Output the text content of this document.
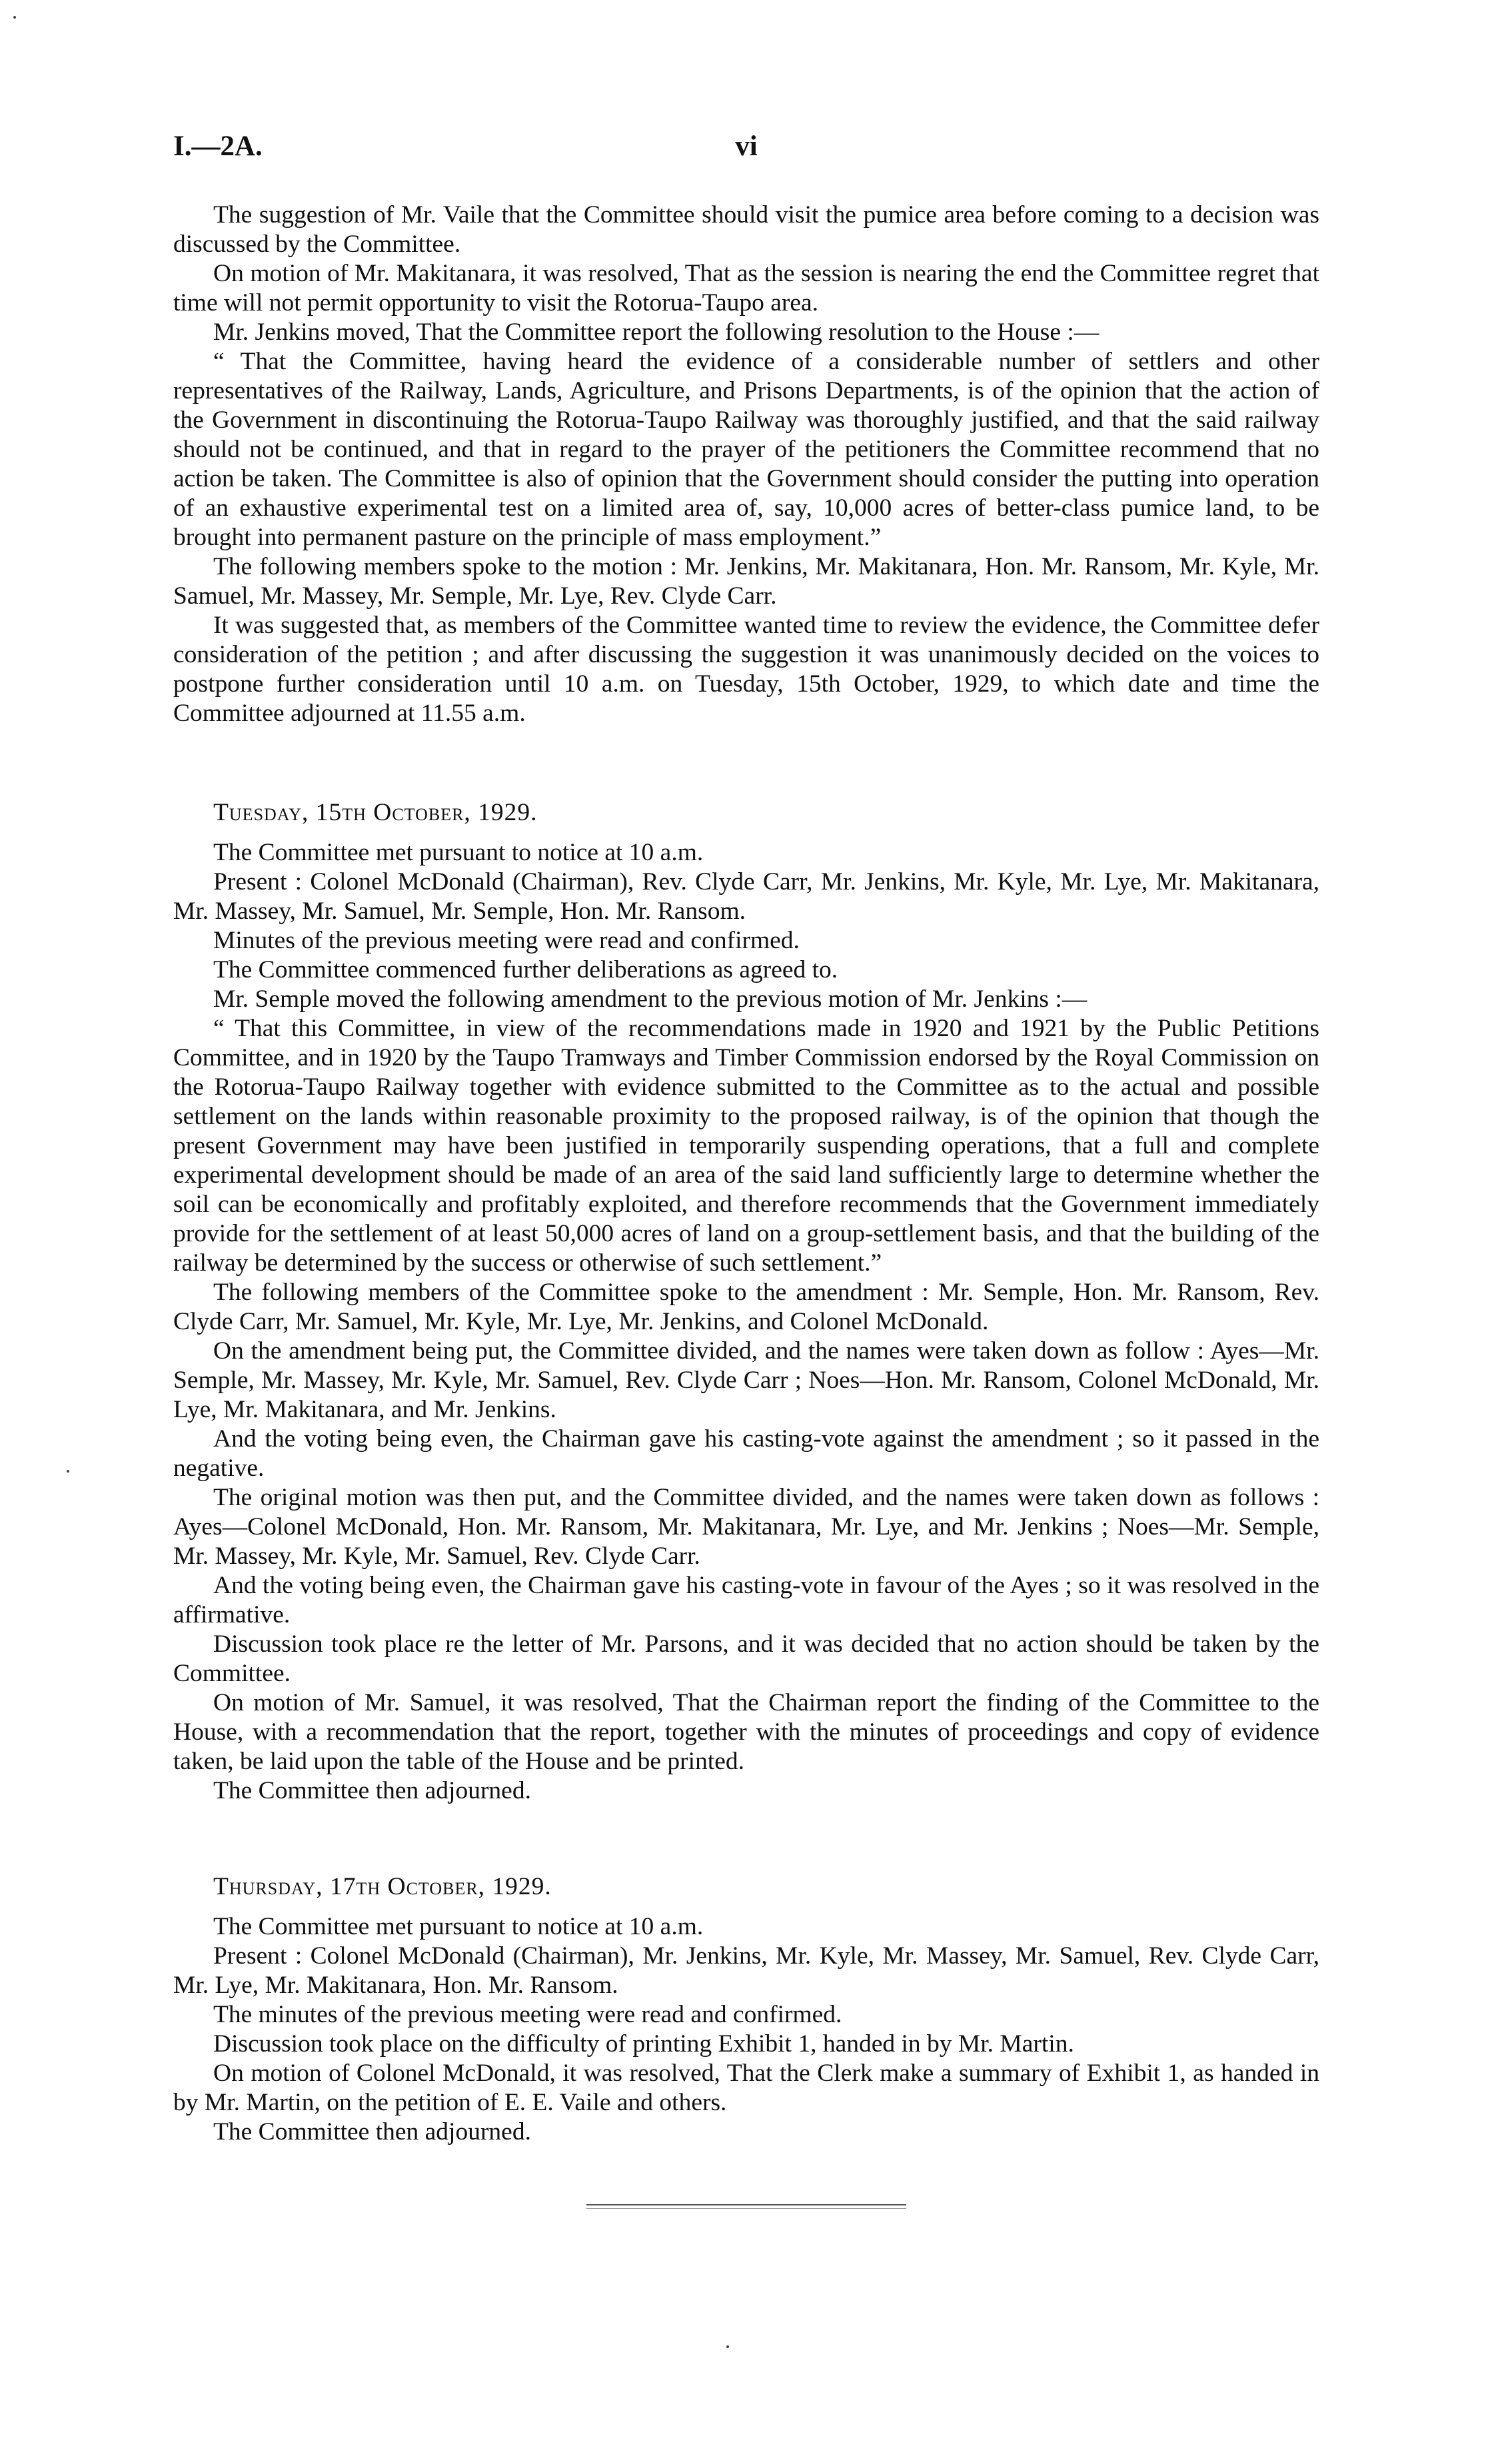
I.—2A.	vi

The suggestion of Mr. Vaile that the Committee should visit the pumice area before coming to a decision was discussed by the Committee.

On motion of Mr. Makitanara, it was resolved, That as the session is nearing the end the Committee regret that time will not permit opportunity to visit the Rotorua-Taupo area.

Mr. Jenkins moved, That the Committee report the following resolution to the House :—

“ That the Committee, having heard the evidence of a considerable number of settlers and other representatives of the Railway, Lands, Agriculture, and Prisons Departments, is of the opinion that the action of the Government in discontinuing the Rotorua-Taupo Railway was thoroughly justified, and that the said railway should not be continued, and that in regard to the prayer of the petitioners the Committee recommend that no action be taken. The Committee is also of opinion that the Government should consider the putting into operation of an exhaustive experimental test on a limited area of, say, 10,000 acres of better-class pumice land, to be brought into permanent pasture on the principle of mass employment.”

The following members spoke to the motion : Mr. Jenkins, Mr. Makitanara, Hon. Mr. Ransom, Mr. Kyle, Mr. Samuel, Mr. Massey, Mr. Semple, Mr. Lye, Rev. Clyde Carr.

It was suggested that, as members of the Committee wanted time to review the evidence, the Committee defer consideration of the petition ; and after discussing the suggestion it was unanimously decided on the voices to postpone further consideration until 10 a.m. on Tuesday, 15th October, 1929, to which date and time the Committee adjourned at 11.55 a.m.

Tuesday, 15th October, 1929.

The Committee met pursuant to notice at 10 a.m.

Present : Colonel McDonald (Chairman), Rev. Clyde Carr, Mr. Jenkins, Mr. Kyle, Mr. Lye, Mr. Makitanara, Mr. Massey, Mr. Samuel, Mr. Semple, Hon. Mr. Ransom.

Minutes of the previous meeting were read and confirmed.

The Committee commenced further deliberations as agreed to.

Mr. Semple moved the following amendment to the previous motion of Mr. Jenkins :—

“ That this Committee, in view of the recommendations made in 1920 and 1921 by the Public Petitions Committee, and in 1920 by the Taupo Tramways and Timber Commission endorsed by the Royal Commission on the Rotorua-Taupo Railway together with evidence submitted to the Committee as to the actual and possible settlement on the lands within reasonable proximity to the proposed railway, is of the opinion that though the present Government may have been justified in temporarily suspending operations, that a full and complete experimental development should be made of an area of the said land sufficiently large to determine whether the soil can be economically and profitably exploited, and therefore recommends that the Government immediately provide for the settlement of at least 50,000 acres of land on a group-settlement basis, and that the building of the railway be determined by the success or otherwise of such settlement.”

The following members of the Committee spoke to the amendment : Mr. Semple, Hon. Mr. Ransom, Rev. Clyde Carr, Mr. Samuel, Mr. Kyle, Mr. Lye, Mr. Jenkins, and Colonel McDonald.

On the amendment being put, the Committee divided, and the names were taken down as follow : Ayes—Mr. Semple, Mr. Massey, Mr. Kyle, Mr. Samuel, Rev. Clyde Carr ; Noes—Hon. Mr. Ransom, Colonel McDonald, Mr. Lye, Mr. Makitanara, and Mr. Jenkins.

And the voting being even, the Chairman gave his casting-vote against the amendment ; so it passed in the negative.

The original motion was then put, and the Committee divided, and the names were taken down as follows : Ayes—Colonel McDonald, Hon. Mr. Ransom, Mr. Makitanara, Mr. Lye, and Mr. Jenkins ; Noes—Mr. Semple, Mr. Massey, Mr. Kyle, Mr. Samuel, Rev. Clyde Carr.

And the voting being even, the Chairman gave his casting-vote in favour of the Ayes ; so it was resolved in the affirmative.

Discussion took place re the letter of Mr. Parsons, and it was decided that no action should be taken by the Committee.

On motion of Mr. Samuel, it was resolved, That the Chairman report the finding of the Committee to the House, with a recommendation that the report, together with the minutes of proceedings and copy of evidence taken, be laid upon the table of the House and be printed.

The Committee then adjourned.

Thursday, 17th October, 1929.

The Committee met pursuant to notice at 10 a.m.

Present : Colonel McDonald (Chairman), Mr. Jenkins, Mr. Kyle, Mr. Massey, Mr. Samuel, Rev. Clyde Carr, Mr. Lye, Mr. Makitanara, Hon. Mr. Ransom.

The minutes of the previous meeting were read and confirmed.

Discussion took place on the difficulty of printing Exhibit 1, handed in by Mr. Martin.

On motion of Colonel McDonald, it was resolved, That the Clerk make a summary of Exhibit 1, as handed in by Mr. Martin, on the petition of E. E. Vaile and others.

The Committee then adjourned.
